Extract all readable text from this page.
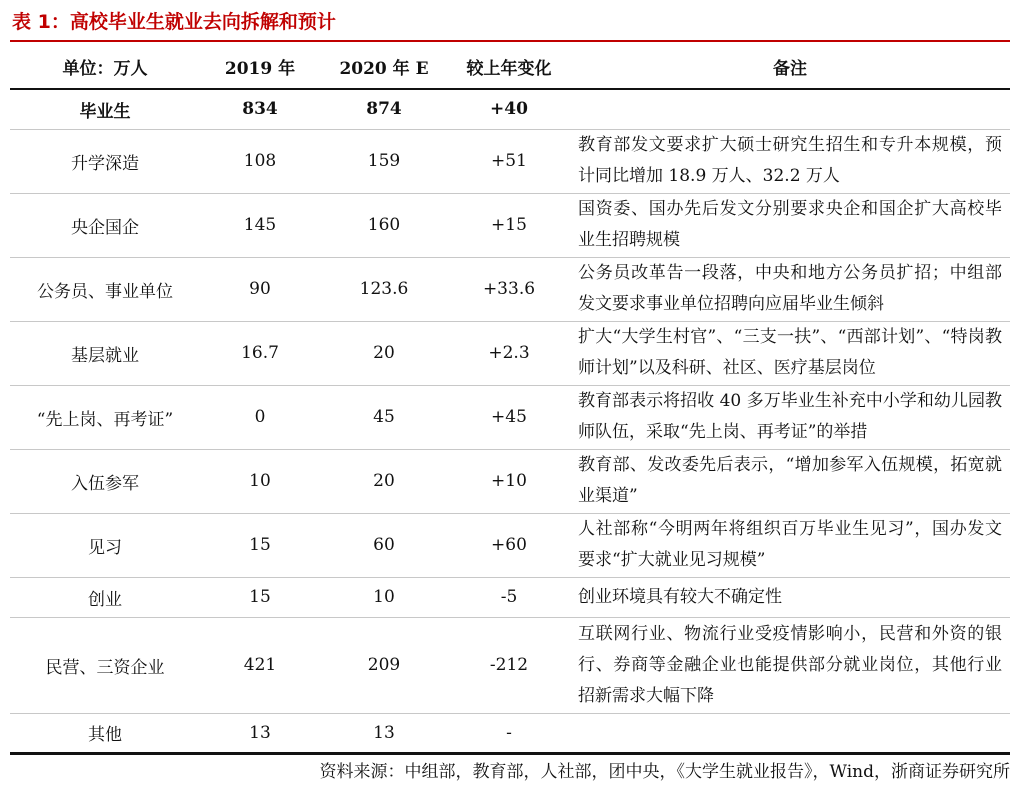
表 1：高校毕业生就业去向拆解和预计
单位：万人	2019 年	2020 年 E	较上年变化	备注
毕业生	834	874	+40	
升学深造	108	159	+51	教育部发文要求扩大硕士研究生招生和专升本规模，预计同比增加 18.9 万人、32.2 万人
央企国企	145	160	+15	国资委、国办先后发文分别要求央企和国企扩大高校毕业生招聘规模
公务员、事业单位	90	123.6	+33.6	公务员改革告一段落，中央和地方公务员扩招；中组部发文要求事业单位招聘向应届毕业生倾斜
基层就业	16.7	20	+2.3	扩大“大学生村官”、“三支一扶”、“西部计划”、“特岗教师计划”以及科研、社区、医疗基层岗位
“先上岗、再考证”	0	45	+45	教育部表示将招收 40 多万毕业生补充中小学和幼儿园教师队伍，采取“先上岗、再考证”的举措
入伍参军	10	20	+10	教育部、发改委先后表示，“增加参军入伍规模，拓宽就业渠道”
见习	15	60	+60	人社部称“今明两年将组织百万毕业生见习”，国办发文要求“扩大就业见习规模”
创业	15	10	-5	创业环境具有较大不确定性
民营、三资企业	421	209	-212	互联网行业、物流行业受疫情影响小，民营和外资的银行、券商等金融企业也能提供部分就业岗位，其他行业招新需求大幅下降
其他	13	13	-	
资料来源：中组部，教育部，人社部，团中央，《大学生就业报告》，Wind，浙商证券研究所
